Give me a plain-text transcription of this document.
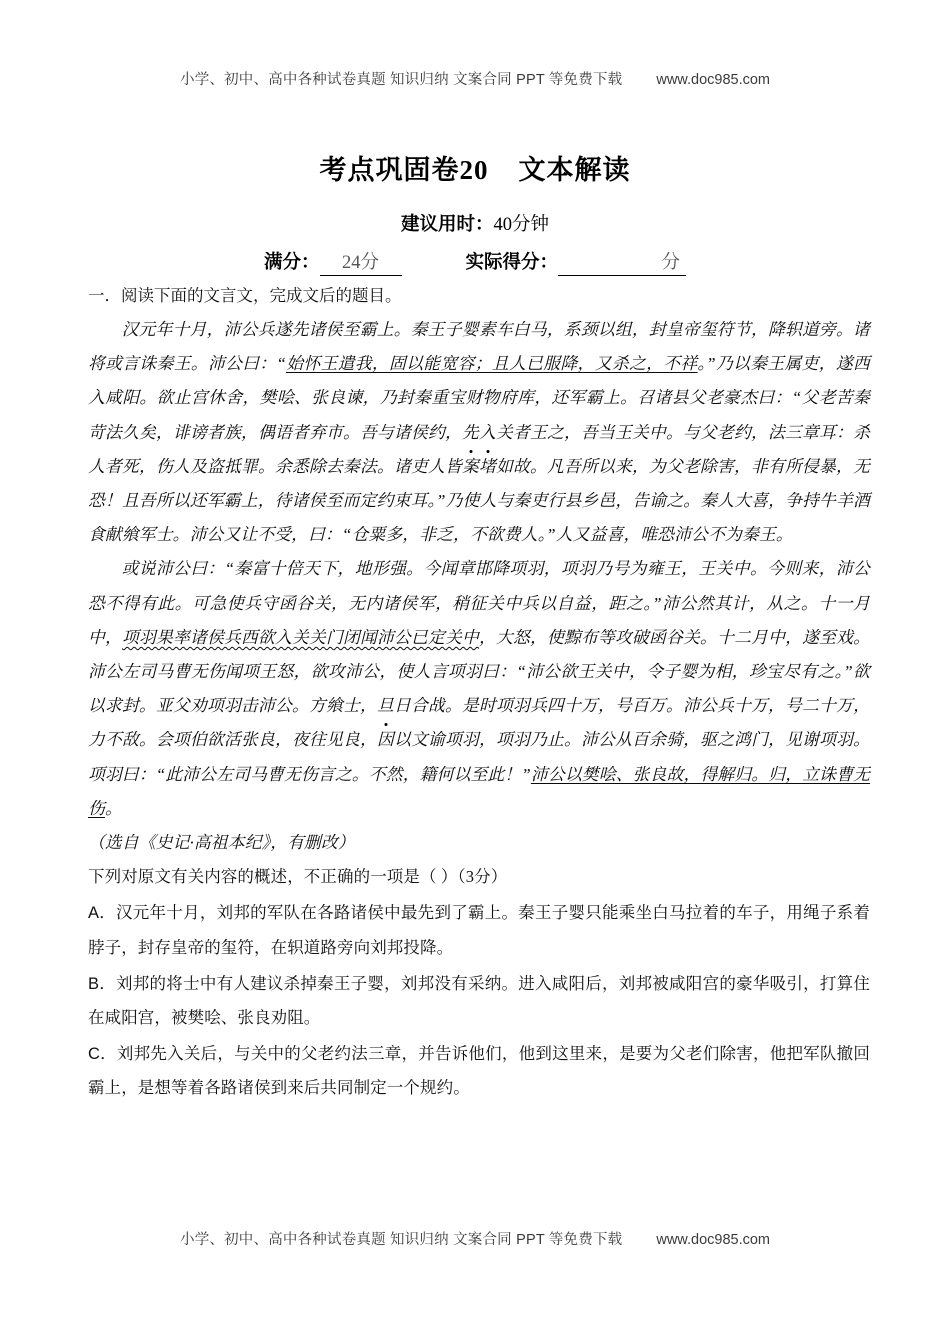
小学、初中、高中各种试卷真题 知识归纳 文案合同 PPT 等免费下载 www.doc985.com
考点巩固卷20 文本解读
建议用时：40分钟
满分： 24分	实际得分：	分
一．阅读下面的文言文，完成文后的题目。

汉元年十月，沛公兵遂先诸侯至霸上。秦王子婴素车白马，系颈以组，封皇帝玺符节，降轵道旁。诸将或言诛秦王。沛公曰：“始怀王遣我，固以能宽容；且人已服降，又杀之，不祥。”乃以秦王属吏，遂西入咸阳。欲止宫休舍，樊哙、张良谏，乃封秦重宝财物府库，还军霸上。召诸县父老豪杰曰：“父老苦秦苛法久矣，诽谤者族，偶语者弃市。吾与诸侯约，先入关者王之，吾当王关中。与父老约，法三章耳：杀人者死，伤人及盗抵罪。余悉除去秦法。诸吏人皆案堵如故。凡吾所以来，为父老除害，非有所侵暴，无恐！且吾所以还军霸上，待诸侯至而定约束耳。”乃使人与秦吏行县乡邑，告谕之。秦人大喜，争持牛羊酒食献飨军士。沛公又让不受，曰：“仓粟多，非乏，不欲费人。”人又益喜，唯恐沛公不为秦王。

或说沛公曰：“秦富十倍天下，地形强。今闻章邯降项羽，项羽乃号为雍王，王关中。今则来，沛公恐不得有此。可急使兵守函谷关，无内诸侯军，稍征关中兵以自益，距之。”沛公然其计，从之。十一月中，项羽果率诸侯兵西欲入关关门闭闻沛公已定关中，大怒，使黥布等攻破函谷关。十二月中，遂至戏。沛公左司马曹无伤闻项王怒，欲攻沛公，使人言项羽曰：“沛公欲王关中，令子婴为相，珍宝尽有之。”欲以求封。亚父劝项羽击沛公。方飨士，旦日合战。是时项羽兵四十万，号百万。沛公兵十万，号二十万，力不敌。会项伯欲活张良，夜往见良，因以文谕项羽，项羽乃止。沛公从百余骑，驱之鸿门，见谢项羽。项羽曰：“此沛公左司马曹无伤言之。不然，籍何以至此！”沛公以樊哙、张良故，得解归。归，立诛曹无伤。

（选自《史记·高祖本纪》，有删改）

下列对原文有关内容的概述，不正确的一项是（ ）（3分）

A．汉元年十月，刘邦的军队在各路诸侯中最先到了霸上。秦王子婴只能乘坐白马拉着的车子，用绳子系着脖子，封存皇帝的玺符，在轵道路旁向刘邦投降。

B．刘邦的将士中有人建议杀掉秦王子婴，刘邦没有采纳。进入咸阳后，刘邦被咸阳宫的豪华吸引，打算住在咸阳宫，被樊哙、张良劝阻。

C．刘邦先入关后，与关中的父老约法三章，并告诉他们，他到这里来，是要为父老们除害，他把军队撤回霸上，是想等着各路诸侯到来后共同制定一个规约。

小学、初中、高中各种试卷真题 知识归纳 文案合同 PPT 等免费下载 www.doc985.com
